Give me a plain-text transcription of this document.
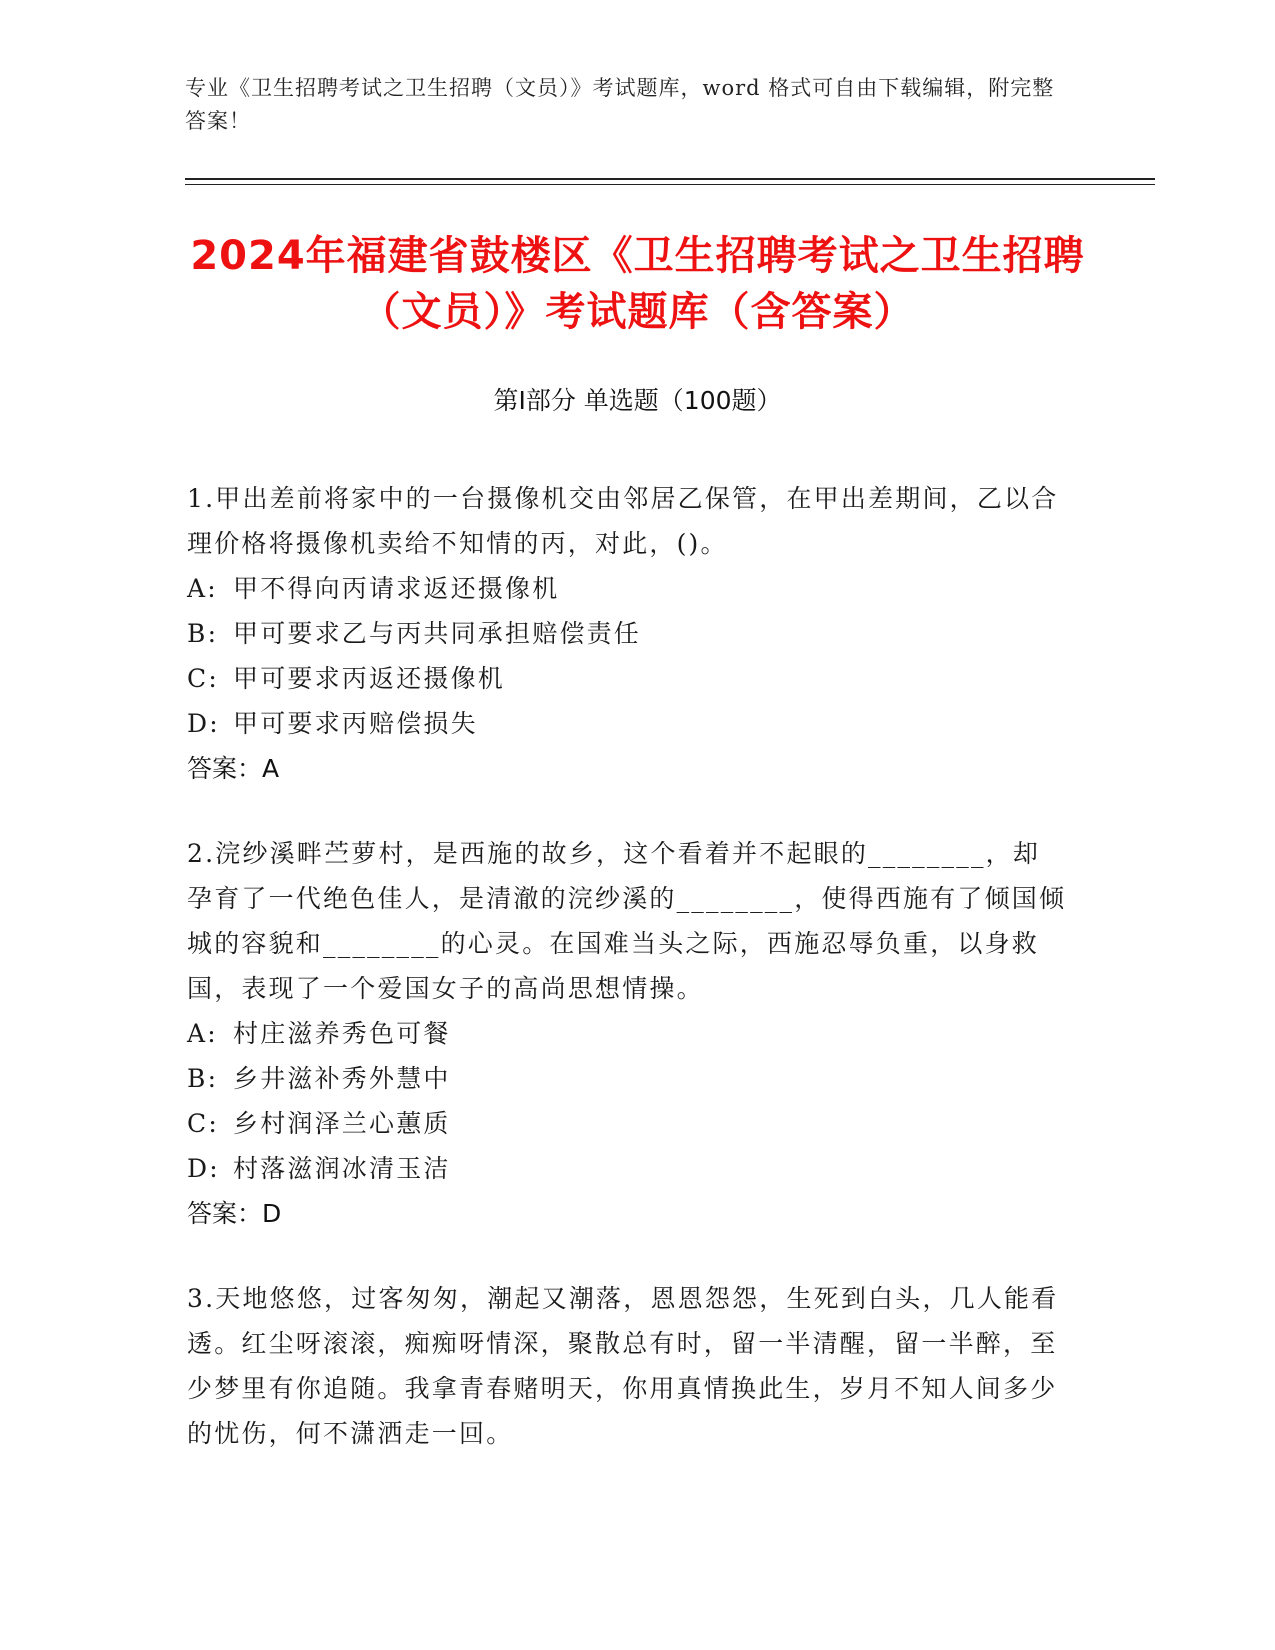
专业《卫生招聘考试之卫生招聘（文员）》考试题库，word 格式可自由下载编辑，附完整答案！
2024年福建省鼓楼区《卫生招聘考试之卫生招聘（文员）》考试题库（含答案）
第Ⅰ部分 单选题（100题）

1.甲出差前将家中的一台摄像机交由邻居乙保管，在甲出差期间，乙以合理价格将摄像机卖给不知情的丙，对此，()。

A: 甲不得向丙请求返还摄像机

B: 甲可要求乙与丙共同承担赔偿责任

C: 甲可要求丙返还摄像机

D: 甲可要求丙赔偿损失

答案：A

2.浣纱溪畔苎萝村，是西施的故乡，这个看着并不起眼的________，却孕育了一代绝色佳人，是清澈的浣纱溪的________，使得西施有了倾国倾城的容貌和________的心灵。在国难当头之际，西施忍辱负重，以身救国，表现了一个爱国女子的高尚思想情操。

A: 村庄滋养秀色可餐

B: 乡井滋补秀外慧中

C: 乡村润泽兰心蕙质

D: 村落滋润冰清玉洁

答案：D

3.天地悠悠，过客匆匆，潮起又潮落，恩恩怨怨，生死到白头，几人能看透。红尘呀滚滚，痴痴呀情深，聚散总有时，留一半清醒，留一半醉，至少梦里有你追随。我拿青春赌明天，你用真情换此生，岁月不知人间多少的忧伤，何不潇洒走一回。
